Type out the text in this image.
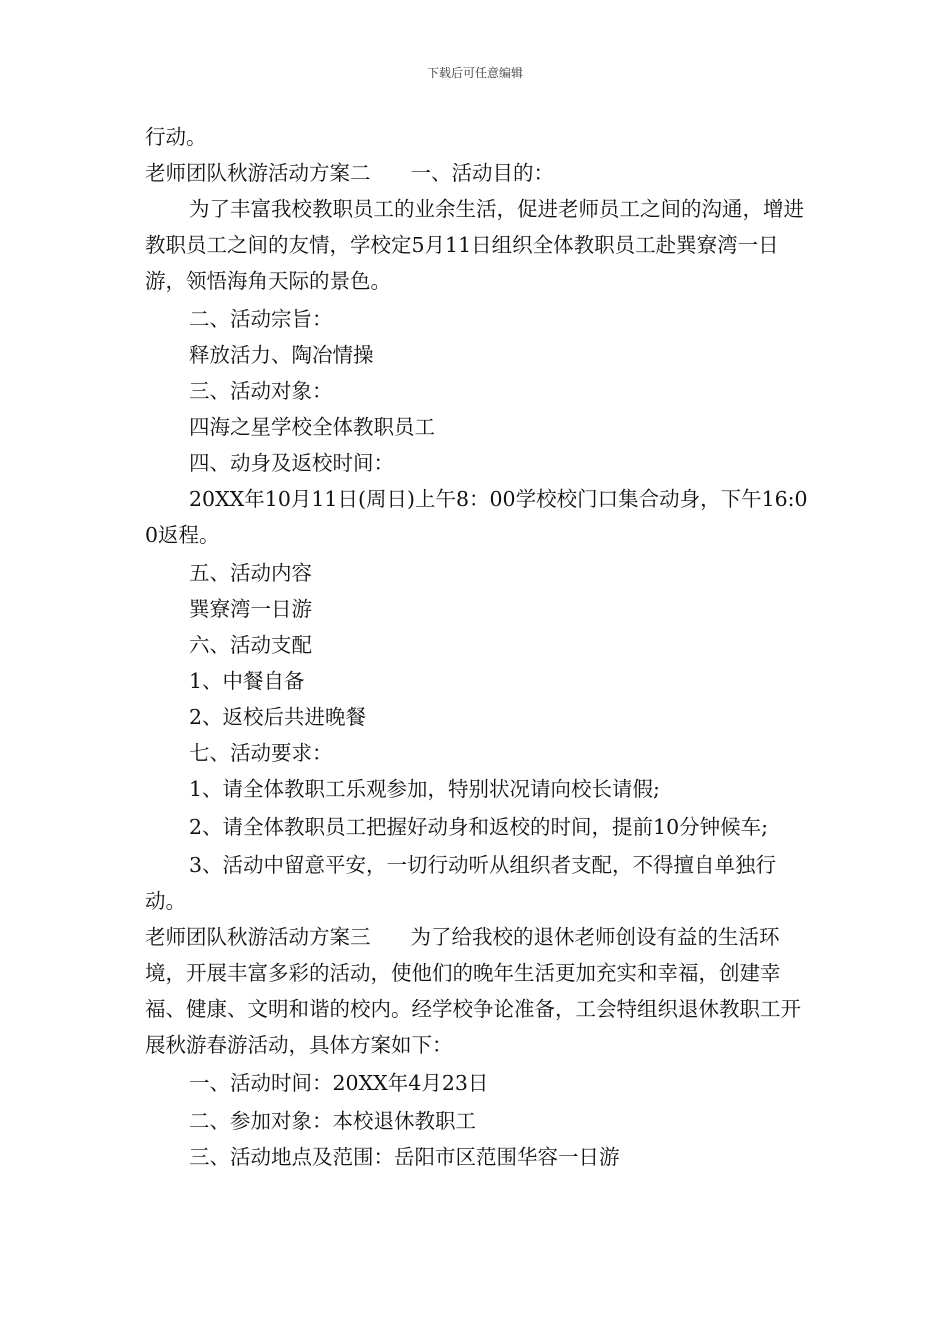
下载后可任意编辑

行动。

老师团队秋游活动方案二 一、活动目的：

为了丰富我校教职员工的业余生活，促进老师员工之间的沟通，增进教职员工之间的友情，学校定5月11日组织全体教职员工赴巽寮湾一日游，领悟海角天际的景色。

二、活动宗旨：

释放活力、陶冶情操

三、活动对象：

四海之星学校全体教职员工

四、动身及返校时间：

20XX年10月11日(周日)上午8：00学校校门口集合动身，下午16:00返程。

五、活动内容

巽寮湾一日游

六、活动支配

1、中餐自备

2、返校后共进晚餐

七、活动要求：

1、请全体教职工乐观参加，特别状况请向校长请假;

2、请全体教职员工把握好动身和返校的时间，提前10分钟候车;

3、活动中留意平安，一切行动听从组织者支配，不得擅自单独行动。

老师团队秋游活动方案三 为了给我校的退休老师创设有益的生活环境，开展丰富多彩的活动，使他们的晚年生活更加充实和幸福，创建幸福、健康、文明和谐的校内。经学校争论准备，工会特组织退休教职工开展秋游春游活动，具体方案如下：

一、活动时间：20XX年4月23日

二、参加对象：本校退休教职工

三、活动地点及范围：岳阳市区范围华容一日游
